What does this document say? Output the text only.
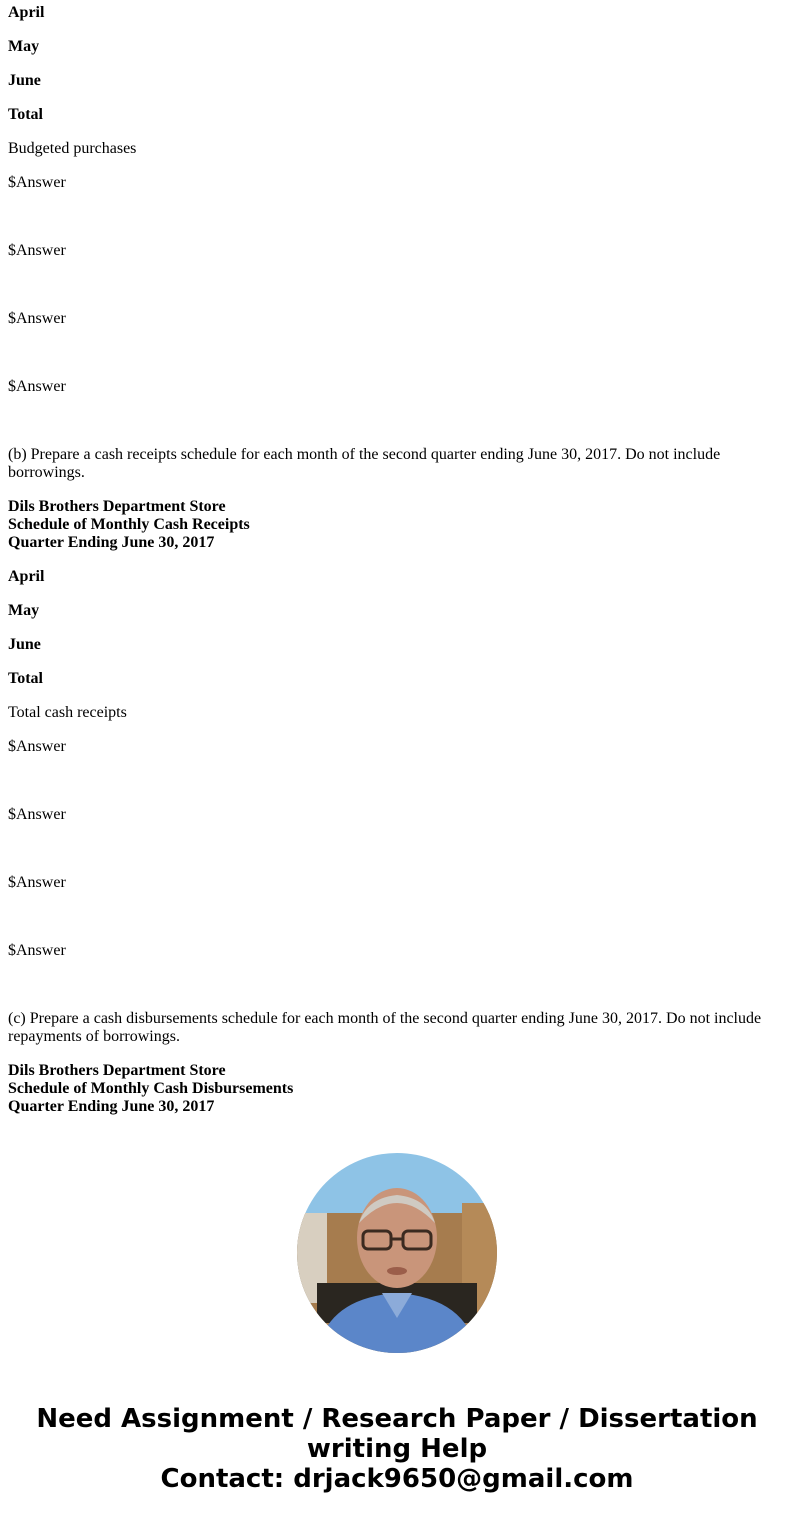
April
May
June
Total
Budgeted purchases
$Answer
$Answer
$Answer
$Answer
(b) Prepare a cash receipts schedule for each month of the second quarter ending June 30, 2017. Do not include borrowings.
Dils Brothers Department Store
Schedule of Monthly Cash Receipts
Quarter Ending June 30, 2017
April
May
June
Total
Total cash receipts
$Answer
$Answer
$Answer
$Answer
(c) Prepare a cash disbursements schedule for each month of the second quarter ending June 30, 2017. Do not include repayments of borrowings.
Dils Brothers Department Store
Schedule of Monthly Cash Disbursements
Quarter Ending June 30, 2017
Need Assignment / Research Paper / Dissertation writing Help
Contact: drjack9650@gmail.com
